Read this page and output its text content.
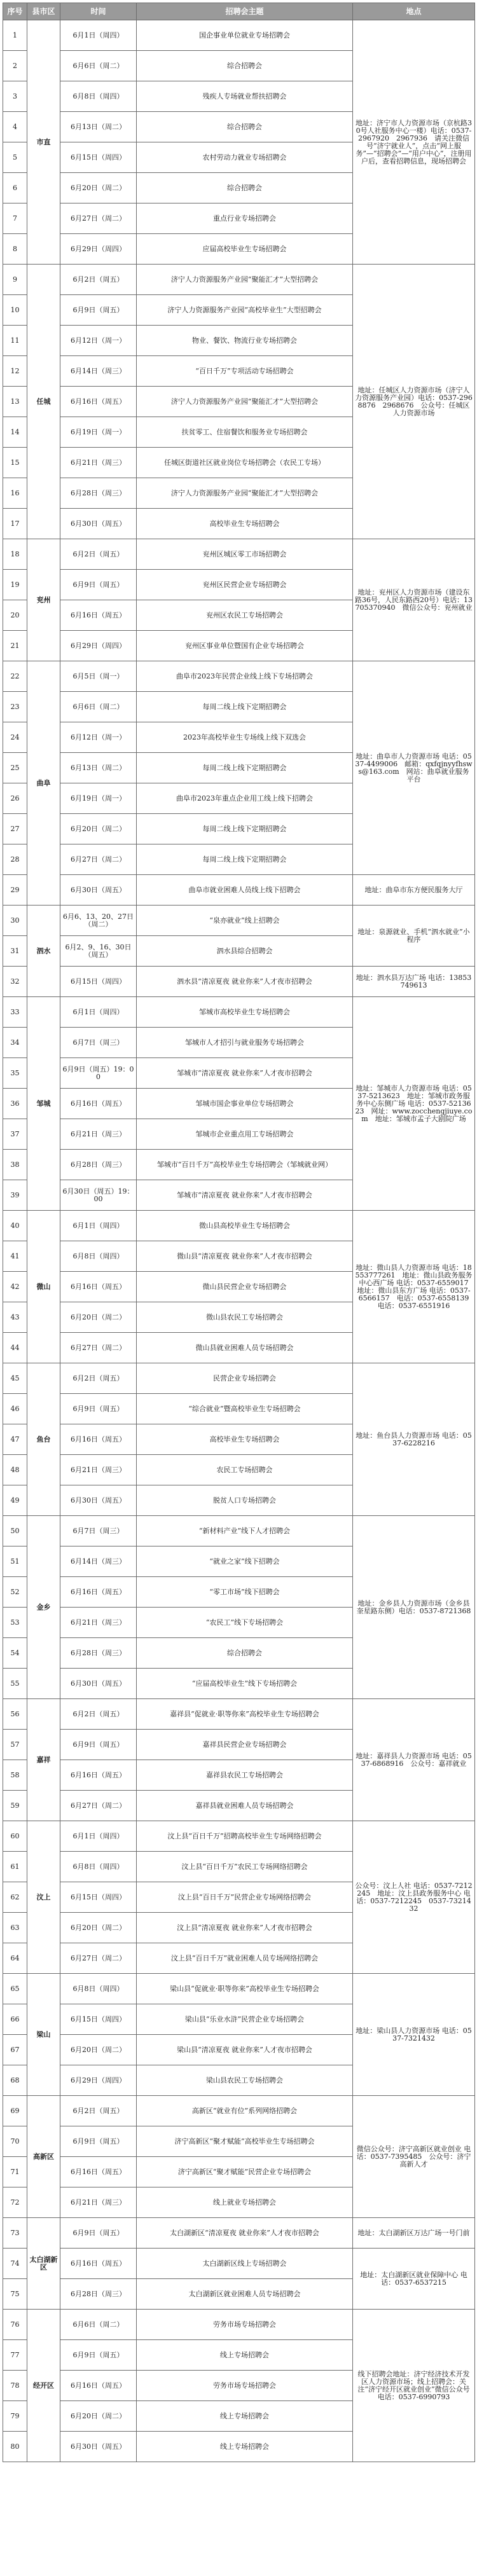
序号	县市区	时间	招聘会主题	地点
1	市直	6月1日（周四）	国企事业单位就业专场招聘会	地址：济宁市人力资源市场（京杭路30号人社服务中心一楼）电话：0537-2967920　2967936　请关注微信号“济宁就业人”，点击“网上服务”—“招聘会”—“用户中心”，注册用户后，查看招聘信息，现场招聘会
2		6月6日（周二）	综合招聘会	
3		6月8日（周四）	残疾人专场就业帮扶招聘会	
4		6月13日（周二）	综合招聘会	
5		6月15日（周四）	农村劳动力就业专场招聘会	
6		6月20日（周二）	综合招聘会	
7		6月27日（周二）	重点行业专场招聘会	
8		6月29日（周四）	应届高校毕业生专场招聘会	
9	任城	6月2日（周五）	济宁人力资源服务产业园“聚能汇才”大型招聘会	地址：任城区人力资源市场（济宁人力资源服务产业园）电话：0537-2968876　2968676　公众号：任城区人力资源市场
10		6月9日（周五）	济宁人力资源服务产业园“高校毕业生”大型招聘会	
11		6月12日（周一）	物业、餐饮、物流行业专场招聘会	
12		6月14日（周三）	“百日千万”专项活动专场招聘会	
13		6月16日（周五）	济宁人力资源服务产业园“聚能汇才”大型招聘会	
14		6月19日（周一）	扶贫零工、住宿餐饮和服务业专场招聘会	
15		6月21日（周三）	任城区街道社区就业岗位专场招聘会（农民工专场）	
16		6月28日（周三）	济宁人力资源服务产业园“聚能汇才”大型招聘会	
17		6月30日（周五）	高校毕业生专场招聘会	
18	兖州	6月2日（周五）	兖州区城区零工市场招聘会	地址：兖州区人力资源市场（建设东路36号，人民东路西20号）电话：13705370940　微信公众号：兖州就业
19		6月9日（周五）	兖州区民营企业专场招聘会	
20		6月16日（周五）	兖州区农民工专场招聘会	
21		6月29日（周四）	兖州区事业单位暨国有企业专场招聘会	
22	曲阜	6月5日（周一）	曲阜市2023年民营企业线上线下专场招聘会	地址：曲阜市人力资源市场 电话：0537-4499006　邮箱：qxfqjnyyfhsws@163.com　网站：曲阜就业服务平台
23		6月6日（周二）	每周二线上线下定期招聘会	
24		6月12日（周一）	2023年高校毕业生专场线上线下双选会	
25		6月13日（周二）	每周二线上线下定期招聘会	
26		6月19日（周一）	曲阜市2023年重点企业用工线上线下招聘会	
27		6月20日（周二）	每周二线上线下定期招聘会	
28		6月27日（周二）	每周二线上线下定期招聘会	
29		6月30日（周五）	曲阜市就业困难人员线上线下招聘会	地址：曲阜市东方便民服务大厅
30	泗水	6月6、13、20、27日（周二）	“泉亦就业”线上招聘会	地址：泉源就业、手机“泗水就业”小程序
31		6月2、9、16、30日（周五）	泗水县综合招聘会	
32		6月15日（周四）	泗水县“清凉夏夜 就业你来”人才夜市招聘会	地址：泗水县万达广场 电话：13853749613
33	邹城	6月1日（周四）	邹城市高校毕业生专场招聘会	地址：邹城市人力资源市场 电话：0537-5213623　地址：邹城市政务服务中心东侧广场 电话：0537-5213623　网址：www.zocchengjiuye.com　地址：邹城市孟子大剧院广场
34		6月7日（周三）	邹城市人才招引与就业服务专场招聘会	
35		6月9日（周五）19：00	邹城市“清凉夏夜 就业你来”人才夜市招聘会	
36		6月16日（周五）	邹城市国企事业单位专场招聘会	
37		6月21日（周三）	邹城市企业重点用工专场招聘会	
38		6月28日（周三）	邹城市“百日千万”高校毕业生专场招聘会（邹城就业网）	
39		6月30日（周五）19：00	邹城市“清凉夏夜 就业你来”人才夜市招聘会	
40	微山	6月1日（周四）	微山县高校毕业生专场招聘会	地址：微山县人力资源市场 电话：18553777261　地址：微山县政务服务中心西广场 电话：0537-6559017　地址：微山县东方广场 电话：0537-6566157　电话：0537-6558139　电话：0537-6551916
41		6月8日（周四）	微山县“清凉夏夜 就业你来”人才夜市招聘会	
42		6月16日（周五）	微山县民营企业专场招聘会	
43		6月20日（周二）	微山县农民工专场招聘会	
44		6月27日（周二）	微山县就业困难人员专场招聘会	
45	鱼台	6月2日（周五）	民营企业专场招聘会	地址：鱼台县人力资源市场 电话：0537-6228216
46		6月9日（周五）	“综合就业”暨高校毕业生专场招聘会	
47		6月16日（周五）	高校毕业生专场招聘会	
48		6月21日（周三）	农民工专场招聘会	
49		6月30日（周五）	脱贫人口专场招聘会	
50	金乡	6月7日（周三）	“新材料产业”线下人才招聘会	地址：金乡县人力资源市场（金乡县奎星路东侧）电话：0537-8721368
51		6月14日（周三）	“就业之家”线下招聘会	
52		6月16日（周五）	“零工市场”线下招聘会	
53		6月21日（周三）	“农民工”线下专场招聘会	
54		6月28日（周三）	综合招聘会	
55		6月30日（周五）	“应届高校毕业生”线下专场招聘会	
56	嘉祥	6月2日（周五）	嘉祥县“促就业·职等你来”高校毕业生专场招聘会	地址：嘉祥县人力资源市场 电话：0537-6868916　公众号：嘉祥就业
57		6月9日（周五）	嘉祥县民营企业专场招聘会	
58		6月16日（周五）	嘉祥县农民工专场招聘会	
59		6月27日（周二）	嘉祥县就业困难人员专场招聘会	
60	汶上	6月1日（周四）	汶上县“百日千万”招聘高校毕业生专场网络招聘会	公众号：汶上人社 电话：0537-7212245　地址：汶上县政务服务中心 电话：0537-7212245　0537-7321432
61		6月8日（周四）	汶上县“百日千万”农民工专场网络招聘会	
62		6月15日（周四）	汶上县“百日千万”民营企业专场网络招聘会	
63		6月20日（周二）	汶上县“清凉夏夜 就业你来”人才夜市招聘会	
64		6月27日（周二）	汶上县“百日千万”就业困难人员专场网络招聘会	
65	梁山	6月8日（周四）	梁山县“促就业·职等你来”高校毕业生专场招聘会	地址：梁山县人力资源市场 电话：0537-7321432
66		6月15日（周四）	梁山县“乐业水浒”民营企业专场招聘会	
67		6月20日（周二）	梁山县“清凉夏夜 就业你来”人才夜市招聘会	
68		6月29日（周四）	梁山县农民工专场招聘会	
69	高新区	6月2日（周五）	高新区“就业有位”系列网络招聘会	微信公众号：济宁高新区就业创业 电话：0537-7395485　公众号：济宁高新人才
70		6月9日（周五）	济宁高新区“聚才赋能”高校毕业生专场招聘会	
71		6月16日（周五）	济宁高新区“聚才赋能”民营企业专场招聘会	
72		6月21日（周三）	线上就业专场招聘会	
73	太白湖新区	6月9日（周五）	太白湖新区“清凉夏夜 就业你来”人才夜市招聘会	地址：太白湖新区万达广场一号门前
74		6月16日（周五）	太白湖新区线上专场招聘会	地址：太白湖新区就业保障中心 电话：0537-6537215
75		6月28日（周三）	太白湖新区就业困难人员专场招聘会	
76	经开区	6月6日（周二）	劳务市场专场招聘会	线下招聘会地址：济宁经济技术开发区人力资源市场；线上招聘会：关注“济宁经开区就业创业”微信公众号 电话：0537-6990793
77		6月9日（周五）	线上专场招聘会	
78		6月16日（周五）	劳务市场专场招聘会	
79		6月20日（周二）	线上专场招聘会	
80		6月30日（周五）	线上专场招聘会	
